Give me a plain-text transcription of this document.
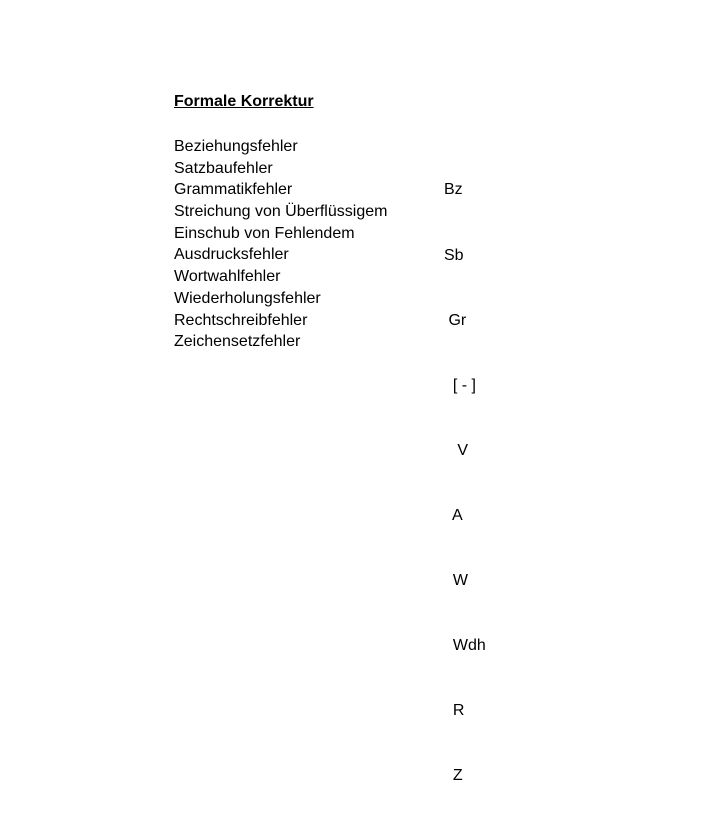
Formale Korrektur
Beziehungsfehler
Satzbaufehler
Grammatikfehler
Streichung von Überflüssigem
Einschub von Fehlendem
Ausdrucksfehler
Wortwahlfehler
Wiederholungsfehler
Rechtschreibfehler
Zeichensetzfehler

Bz

Sb

Gr

[ - ]

V

A

W

Wdh

R

Z
